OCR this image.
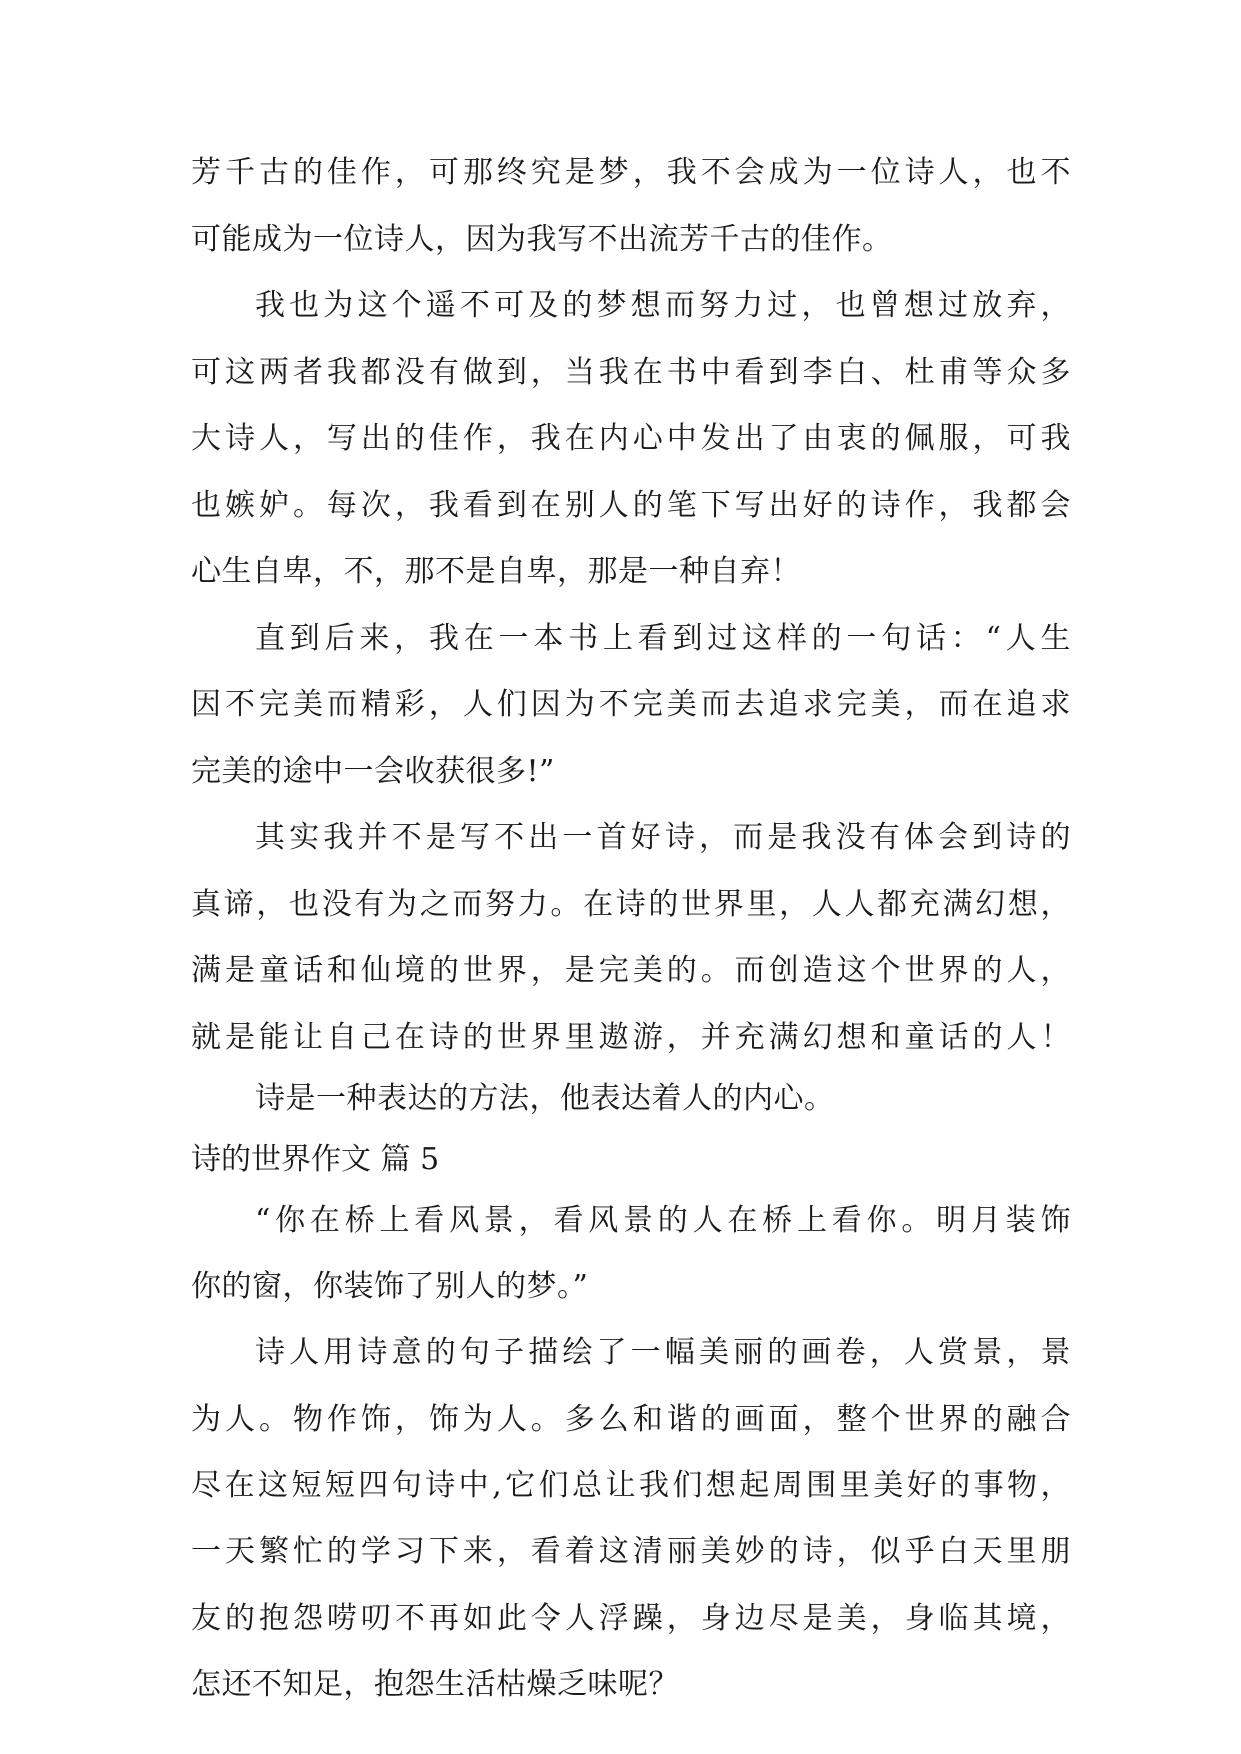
芳千古的佳作，可那终究是梦，我不会成为一位诗人，也不
可能成为一位诗人，因为我写不出流芳千古的佳作。
我也为这个遥不可及的梦想而努力过，也曾想过放弃，
可这两者我都没有做到，当我在书中看到李白、杜甫等众多
大诗人，写出的佳作，我在内心中发出了由衷的佩服，可我
也嫉妒。每次，我看到在别人的笔下写出好的诗作，我都会
心生自卑，不，那不是自卑，那是一种自弃！
直到后来，我在一本书上看到过这样的一句话：“人生
因不完美而精彩，人们因为不完美而去追求完美，而在追求
完美的途中一会收获很多!”
其实我并不是写不出一首好诗，而是我没有体会到诗的
真谛，也没有为之而努力。在诗的世界里，人人都充满幻想，
满是童话和仙境的世界，是完美的。而创造这个世界的人，
就是能让自己在诗的世界里遨游，并充满幻想和童话的人！
诗是一种表达的方法，他表达着人的内心。
诗的世界作文 篇 5
“你在桥上看风景，看风景的人在桥上看你。明月装饰
你的窗，你装饰了别人的梦。”
诗人用诗意的句子描绘了一幅美丽的画卷，人赏景，景
为人。物作饰，饰为人。多么和谐的画面，整个世界的融合
尽在这短短四句诗中,它们总让我们想起周围里美好的事物，
一天繁忙的学习下来，看着这清丽美妙的诗，似乎白天里朋
友的抱怨唠叨不再如此令人浮躁，身边尽是美，身临其境，
怎还不知足，抱怨生活枯燥乏味呢？
